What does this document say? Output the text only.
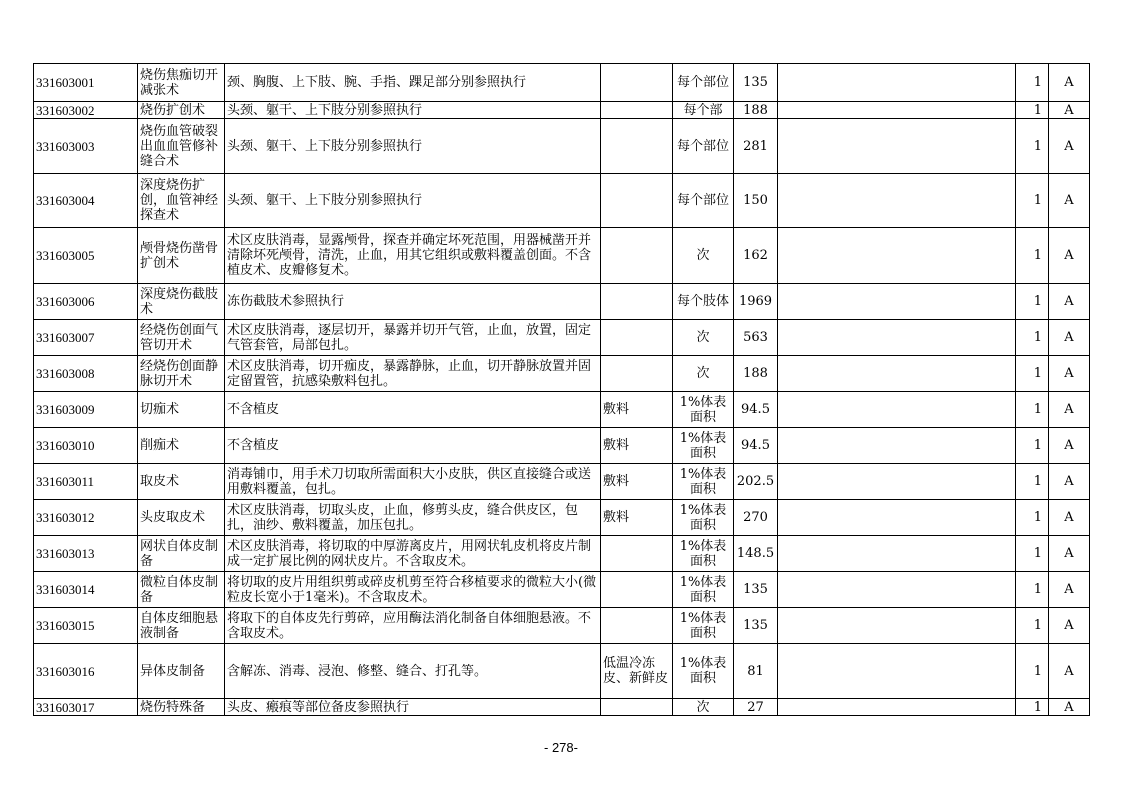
331603001	烧伤焦痂切开减张术	颈、胸腹、上下肢、腕、手指、踝足部分别参照执行		每个部位	135		1	A
331603002	烧伤扩创术	头颈、躯干、上下肢分别参照执行		每个部	188		1	A
331603003	烧伤血管破裂出血血管修补缝合术	头颈、躯干、上下肢分别参照执行		每个部位	281		1	A
331603004	深度烧伤扩创，血管神经探查术	头颈、躯干、上下肢分别参照执行		每个部位	150		1	A
331603005	颅骨烧伤凿骨扩创术	术区皮肤消毒，显露颅骨，探查并确定坏死范围，用器械凿开并清除坏死颅骨，清洗，止血，用其它组织或敷料覆盖创面。不含植皮术、皮瓣修复术。		次	162		1	A
331603006	深度烧伤截肢术	冻伤截肢术参照执行		每个肢体	1969		1	A
331603007	经烧伤创面气管切开术	术区皮肤消毒，逐层切开，暴露并切开气管，止血，放置，固定气管套管，局部包扎。		次	563		1	A
331603008	经烧伤创面静脉切开术	术区皮肤消毒，切开痂皮，暴露静脉，止血，切开静脉放置并固定留置管，抗感染敷料包扎。		次	188		1	A
331603009	切痂术	不含植皮	敷料	1%体表面积	94.5		1	A
331603010	削痂术	不含植皮	敷料	1%体表面积	94.5		1	A
331603011	取皮术	消毒铺巾，用手术刀切取所需面积大小皮肤，供区直接缝合或送用敷料覆盖，包扎。	敷料	1%体表面积	202.5		1	A
331603012	头皮取皮术	术区皮肤消毒，切取头皮，止血，修剪头皮，缝合供皮区，包扎，油纱、敷料覆盖，加压包扎。	敷料	1%体表面积	270		1	A
331603013	网状自体皮制备	术区皮肤消毒，将切取的中厚游离皮片，用网状轧皮机将皮片制成一定扩展比例的网状皮片。不含取皮术。		1%体表面积	148.5		1	A
331603014	微粒自体皮制备	将切取的皮片用组织剪或碎皮机剪至符合移植要求的微粒大小(微粒皮长宽小于1毫米)。不含取皮术。		1%体表面积	135		1	A
331603015	自体皮细胞悬液制备	将取下的自体皮先行剪碎，应用酶法消化制备自体细胞悬液。不含取皮术。		1%体表面积	135		1	A
331603016	异体皮制备	含解冻、消毒、浸泡、修整、缝合、打孔等。	低温冷冻皮、新鲜皮	1%体表面积	81		1	A
331603017	烧伤特殊备	头皮、瘢痕等部位备皮参照执行		次	27		1	A
- 278-
